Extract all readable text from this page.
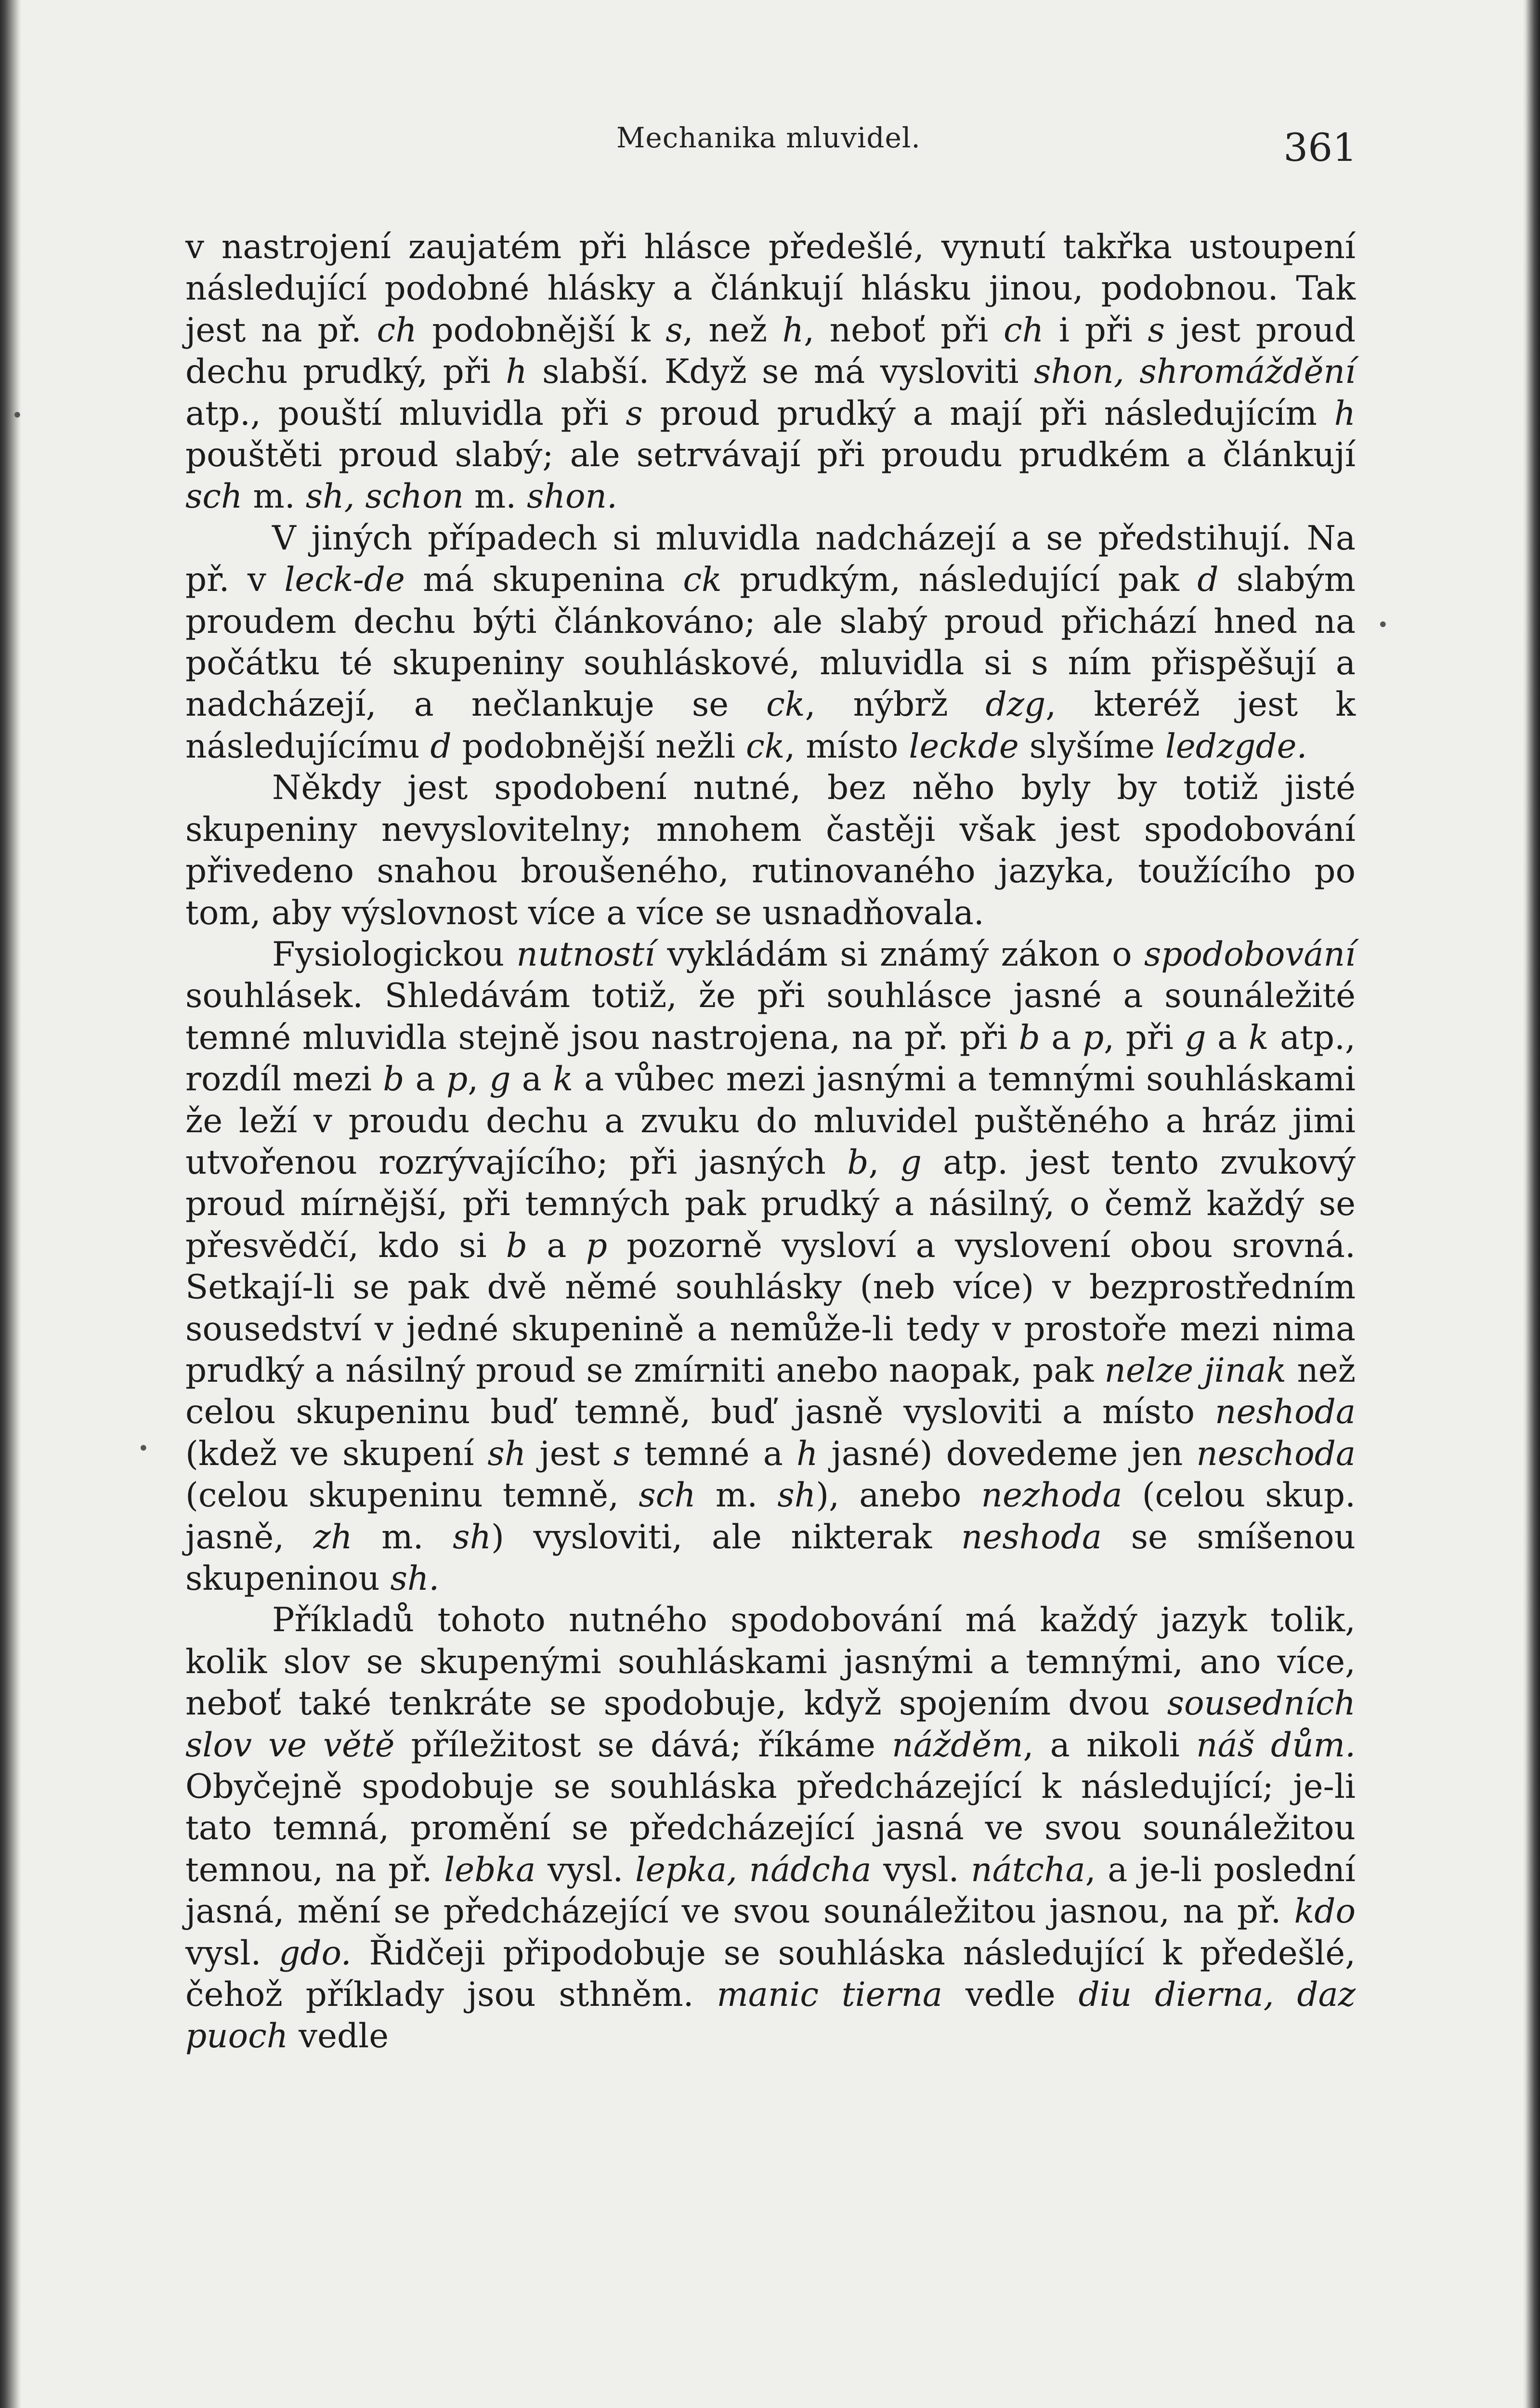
Mechanika mluvidel.	361

v nastrojení zaujatém při hlásce předešlé, vynutí takřka ustoupení následující podobné hlásky a článkují hlásku jinou, podobnou. Tak jest na př. ch podobnější k s, než h, neboť při ch i při s jest proud dechu prudký, při h slabší. Když se má vysloviti shon, shromáždění atp., pouští mluvidla při s proud prudký a mají při následujícím h pouštěti proud slabý; ale setrvávají při proudu prudkém a článkují sch m. sh, schon m. shon.

V jiných případech si mluvidla nadcházejí a se předstihují. Na př. v leck-de má skupenina ck prudkým, následující pak d slabým proudem dechu býti článkováno; ale slabý proud přichází hned na počátku té skupeniny souhláskové, mluvidla si s ním přispěšují a nadcházejí, a nečlankuje se ck, nýbrž dzg, kteréž jest k následujícímu d podobnější nežli ck, místo leckde slyšíme ledzgde.

Někdy jest spodobení nutné, bez něho byly by totiž jisté skupeniny nevyslovitelny; mnohem častěji však jest spodobování přivedeno snahou broušeného, rutinovaného jazyka, toužícího po tom, aby výslovnost více a více se usnadňovala.

Fysiologickou nutností vykládám si známý zákon o spodobování souhlásek. Shledávám totiž, že při souhlásce jasné a sounáležité temné mluvidla stejně jsou nastrojena, na př. při b a p, při g a k atp., rozdíl mezi b a p, g a k a vůbec mezi jasnými a temnými souhláskami že leží v proudu dechu a zvuku do mluvidel puštěného a hráz jimi utvořenou rozrývajícího; při jasných b, g atp. jest tento zvukový proud mírnější, při temných pak prudký a násilný, o čemž každý se přesvědčí, kdo si b a p pozorně vysloví a vyslovení obou srovná. Setkají-li se pak dvě němé souhlásky (neb více) v bezprostředním sousedství v jedné skupenině a nemůže-li tedy v prostoře mezi nima prudký a násilný proud se zmírniti anebo naopak, pak nelze jinak než celou skupeninu buď temně, buď jasně vysloviti a místo neshoda (kdež ve skupení sh jest s temné a h jasné) dovedeme jen neschoda (celou skupeninu temně, sch m. sh), anebo nezhoda (celou skup. jasně, zh m. sh) vysloviti, ale nikterak neshoda se smíšenou skupeninou sh.

Příkladů tohoto nutného spodobování má každý jazyk tolik, kolik slov se skupenými souhláskami jasnými a temnými, ano více, neboť také tenkráte se spodobuje, když spojením dvou sousedních slov ve větě příležitost se dává; říkáme nážděm, a nikoli náš dům. Obyčejně spodobuje se souhláska předcházející k následující; je-li tato temná, promění se předcházející jasná ve svou sounáležitou temnou, na př. lebka vysl. lepka, nádcha vysl. nátcha, a je-li poslední jasná, mění se předcházející ve svou sounáležitou jasnou, na př. kdo vysl. gdo. Řidčeji připodobuje se souhláska následující k předešlé, čehož příklady jsou sthněm. manic tierna vedle diu dierna, daz puoch vedle

•
•
•
